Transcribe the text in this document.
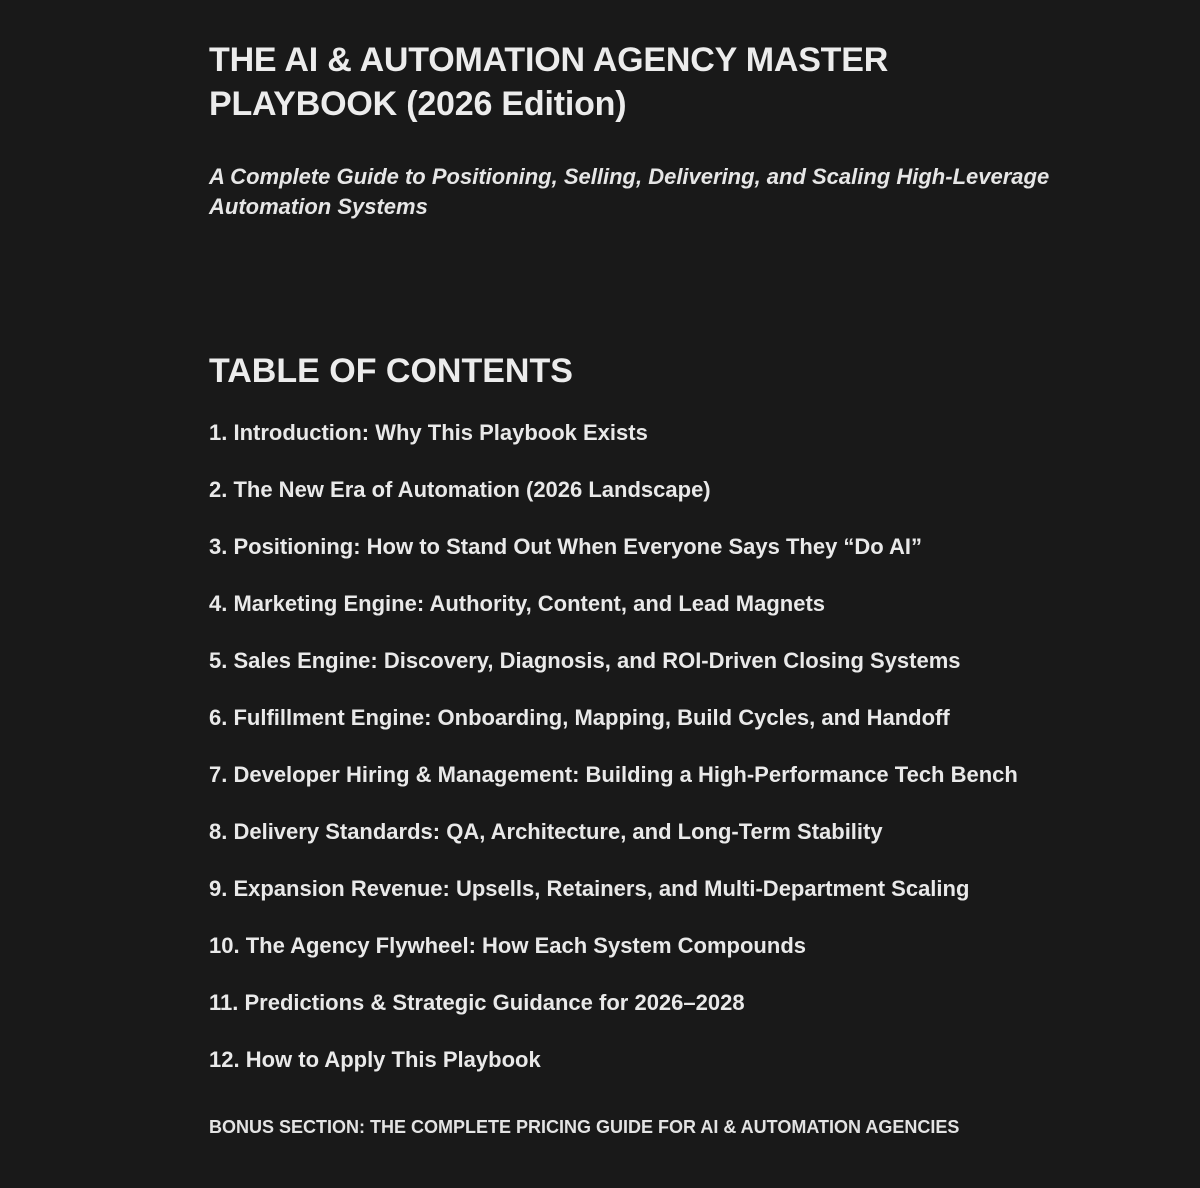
THE AI & AUTOMATION AGENCY MASTER PLAYBOOK (2026 Edition)

A Complete Guide to Positioning, Selling, Delivering, and Scaling High-Leverage Automation Systems

TABLE OF CONTENTS
1. Introduction: Why This Playbook Exists
2. The New Era of Automation (2026 Landscape)
3. Positioning: How to Stand Out When Everyone Says They “Do AI”
4. Marketing Engine: Authority, Content, and Lead Magnets
5. Sales Engine: Discovery, Diagnosis, and ROI-Driven Closing Systems
6. Fulfillment Engine: Onboarding, Mapping, Build Cycles, and Handoff
7. Developer Hiring & Management: Building a High-Performance Tech Bench
8. Delivery Standards: QA, Architecture, and Long-Term Stability
9. Expansion Revenue: Upsells, Retainers, and Multi-Department Scaling
10. The Agency Flywheel: How Each System Compounds
11. Predictions & Strategic Guidance for 2026–2028
12. How to Apply This Playbook

BONUS SECTION: THE COMPLETE PRICING GUIDE FOR AI & AUTOMATION AGENCIES
